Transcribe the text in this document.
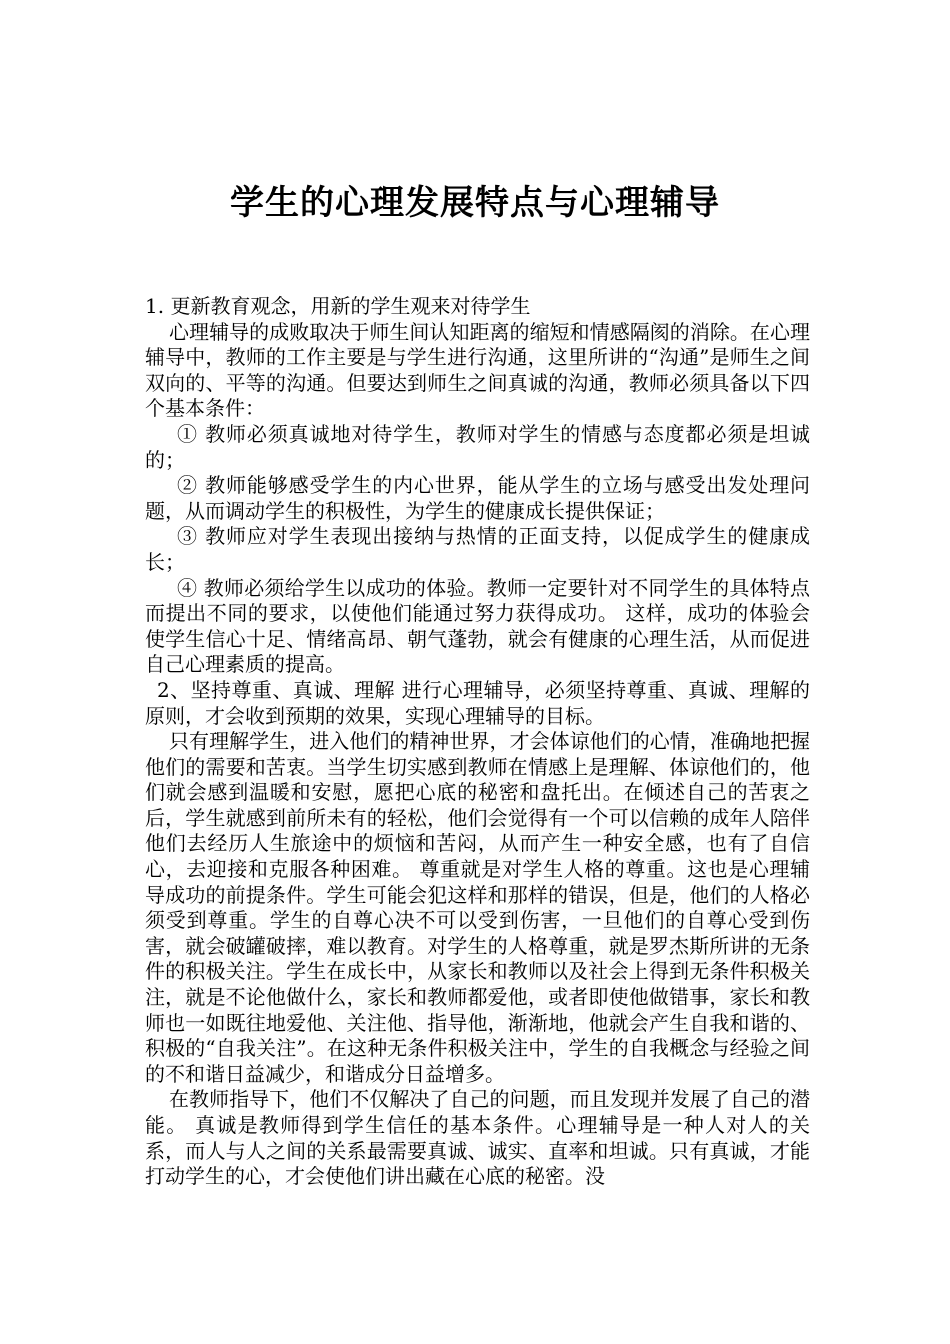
学生的心理发展特点与心理辅导

1. 更新教育观念，用新的学生观来对待学生

心理辅导的成败取决于师生间认知距离的缩短和情感隔阂的消除。在心理辅导中，教师的工作主要是与学生进行沟通，这里所讲的“沟通”是师生之间双向的、平等的沟通。但要达到师生之间真诚的沟通，教师必须具备以下四个基本条件：

① 教师必须真诚地对待学生，教师对学生的情感与态度都必须是坦诚的；

② 教师能够感受学生的内心世界，能从学生的立场与感受出发处理问题，从而调动学生的积极性，为学生的健康成长提供保证；

③ 教师应对学生表现出接纳与热情的正面支持，以促成学生的健康成长；

④ 教师必须给学生以成功的体验。教师一定要针对不同学生的具体特点而提出不同的要求，以使他们能通过努力获得成功。 这样，成功的体验会使学生信心十足、情绪高昂、朝气蓬勃，就会有健康的心理生活，从而促进自己心理素质的提高。

2、坚持尊重、真诚、理解 进行心理辅导，必须坚持尊重、真诚、理解的原则，才会收到预期的效果，实现心理辅导的目标。

只有理解学生，进入他们的精神世界，才会体谅他们的心情，准确地把握他们的需要和苦衷。当学生切实感到教师在情感上是理解、体谅他们的，他们就会感到温暖和安慰，愿把心底的秘密和盘托出。在倾述自己的苦衷之后，学生就感到前所未有的轻松，他们会觉得有一个可以信赖的成年人陪伴他们去经历人生旅途中的烦恼和苦闷，从而产生一种安全感，也有了自信心，去迎接和克服各种困难。 尊重就是对学生人格的尊重。这也是心理辅导成功的前提条件。学生可能会犯这样和那样的错误，但是，他们的人格必须受到尊重。学生的自尊心决不可以受到伤害，一旦他们的自尊心受到伤害，就会破罐破摔，难以教育。对学生的人格尊重，就是罗杰斯所讲的无条件的积极关注。学生在成长中，从家长和教师以及社会上得到无条件积极关注，就是不论他做什么，家长和教师都爱他，或者即使他做错事，家长和教师也一如既往地爱他、关注他、指导他，渐渐地，他就会产生自我和谐的、积极的“自我关注”。在这种无条件积极关注中，学生的自我概念与经验之间的不和谐日益减少，和谐成分日益增多。

在教师指导下，他们不仅解决了自己的问题，而且发现并发展了自己的潜能。 真诚是教师得到学生信任的基本条件。心理辅导是一种人对人的关系，而人与人之间的关系最需要真诚、诚实、直率和坦诚。只有真诚，才能打动学生的心，才会使他们讲出藏在心底的秘密。没
